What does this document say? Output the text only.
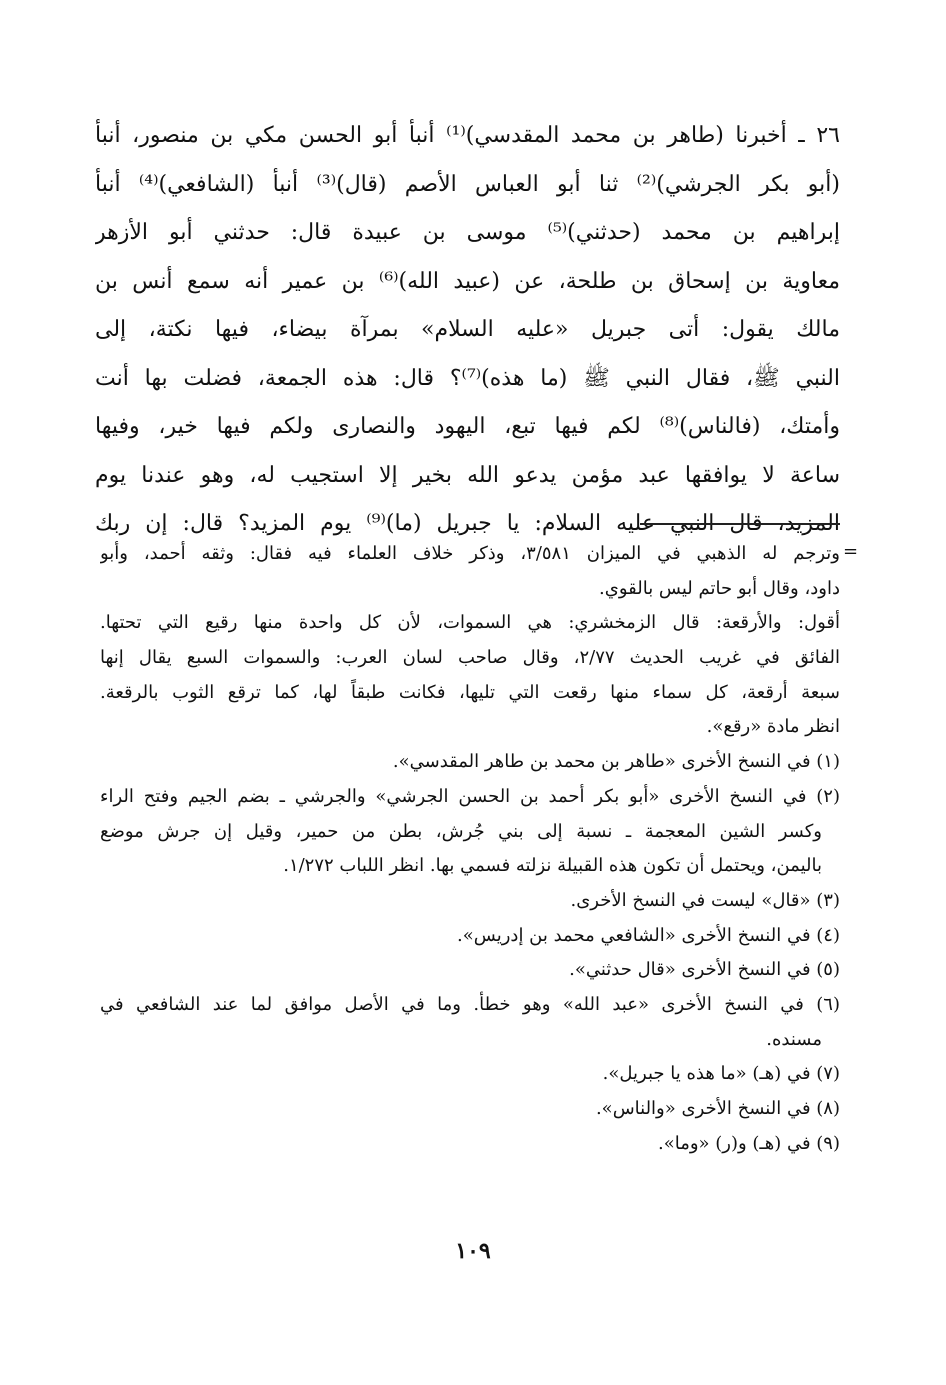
٢٦ ـ أخبرنا (طاهر بن محمد المقدسي)⁽¹⁾ أنبأ أبو الحسن مكي بن منصور، أنبأ
(أبو بكر الجرشي)⁽²⁾ ثنا أبو العباس الأصم (قال)⁽³⁾ أنبأ (الشافعي)⁽⁴⁾ أنبأ
إبراهيم بن محمد (حدثني)⁽⁵⁾ موسى بن عبيدة قال: حدثني أبو الأزهر
معاوية بن إسحاق بن طلحة، عن (عبيد الله)⁽⁶⁾ بن عمير أنه سمع أنس بن
مالك يقول: أتى جبريل «عليه السلام» بمرآة بيضاء، فيها نكتة، إلى
النبي ﷺ، فقال النبي ﷺ (ما هذه)⁽⁷⁾؟ قال: هذه الجمعة، فضلت بها أنت
وأمتك، (فالناس)⁽⁸⁾ لكم فيها تبع، اليهود والنصارى ولكم فيها خير، وفيها
ساعة لا يوافقها عبد مؤمن يدعو الله بخير إلا استجيب له، وهو عندنا يوم
المزيد، قال النبي عليه السلام: يا جبريل (ما)⁽⁹⁾ يوم المزيد؟ قال: إن ربك
=
وترجم له الذهبي في الميزان ٣/٥٨١، وذكر خلاف العلماء فيه فقال: وثقه أحمد، وأبو
داود، وقال أبو حاتم ليس بالقوي.
أقول: والأرقعة: قال الزمخشري: هي السموات، لأن كل واحدة منها رقيع التي تحتها.
الفائق في غريب الحديث ٢/٧٧، وقال صاحب لسان العرب: والسموات السبع يقال إنها
سبعة أرقعة، كل سماء منها رقعت التي تليها، فكانت طبقاً لها، كما ترقع الثوب بالرقعة.
انظر مادة «رقع».
(١) في النسخ الأخرى «طاهر بن محمد بن طاهر المقدسي».
(٢) في النسخ الأخرى «أبو بكر أحمد بن الحسن الجرشي» والجرشي ـ بضم الجيم وفتح الراء
وكسر الشين المعجمة ـ نسبة إلى بني جُرش، بطن من حمير، وقيل إن جرش موضع
باليمن، ويحتمل أن تكون هذه القبيلة نزلته فسمي بها. انظر اللباب ١/٢٧٢.
(٣) «قال» ليست في النسخ الأخرى.
(٤) في النسخ الأخرى «الشافعي محمد بن إدريس».
(٥) في النسخ الأخرى «قال حدثني».
(٦) في النسخ الأخرى «عبد الله» وهو خطأ. وما في الأصل موافق لما عند الشافعي في
مسنده.
(٧) في (هـ) «ما هذه يا جبريل».
(٨) في النسخ الأخرى «والناس».
(٩) في (هـ) و(ر) «وما».
١٠٩
